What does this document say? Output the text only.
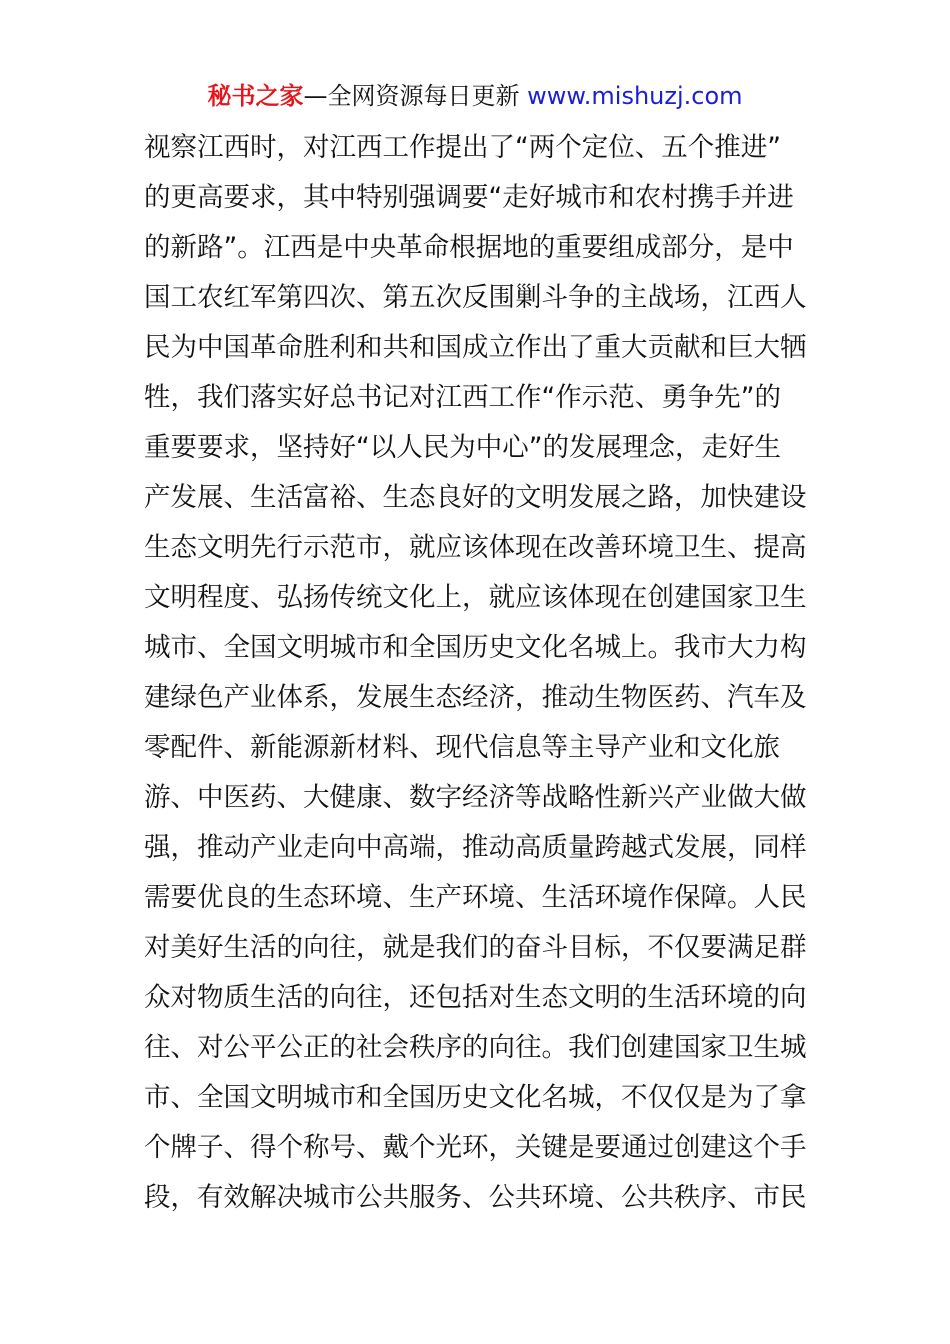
秘书之家—全网资源每日更新 www.mishuzj.com
视察江西时，对江西工作提出了“两个定位、五个推进”
的更高要求，其中特别强调要“走好城市和农村携手并进
的新路”。江西是中央革命根据地的重要组成部分，是中
国工农红军第四次、第五次反围剿斗争的主战场，江西人
民为中国革命胜利和共和国成立作出了重大贡献和巨大牺
牲，我们落实好总书记对江西工作“作示范、勇争先”的
重要要求，坚持好“以人民为中心”的发展理念，走好生
产发展、生活富裕、生态良好的文明发展之路，加快建设
生态文明先行示范市，就应该体现在改善环境卫生、提高
文明程度、弘扬传统文化上，就应该体现在创建国家卫生
城市、全国文明城市和全国历史文化名城上。我市大力构
建绿色产业体系，发展生态经济，推动生物医药、汽车及
零配件、新能源新材料、现代信息等主导产业和文化旅
游、中医药、大健康、数字经济等战略性新兴产业做大做
强，推动产业走向中高端，推动高质量跨越式发展，同样
需要优良的生态环境、生产环境、生活环境作保障。人民
对美好生活的向往，就是我们的奋斗目标，不仅要满足群
众对物质生活的向往，还包括对生态文明的生活环境的向
往、对公平公正的社会秩序的向往。我们创建国家卫生城
市、全国文明城市和全国历史文化名城，不仅仅是为了拿
个牌子、得个称号、戴个光环，关键是要通过创建这个手
段，有效解决城市公共服务、公共环境、公共秩序、市民
